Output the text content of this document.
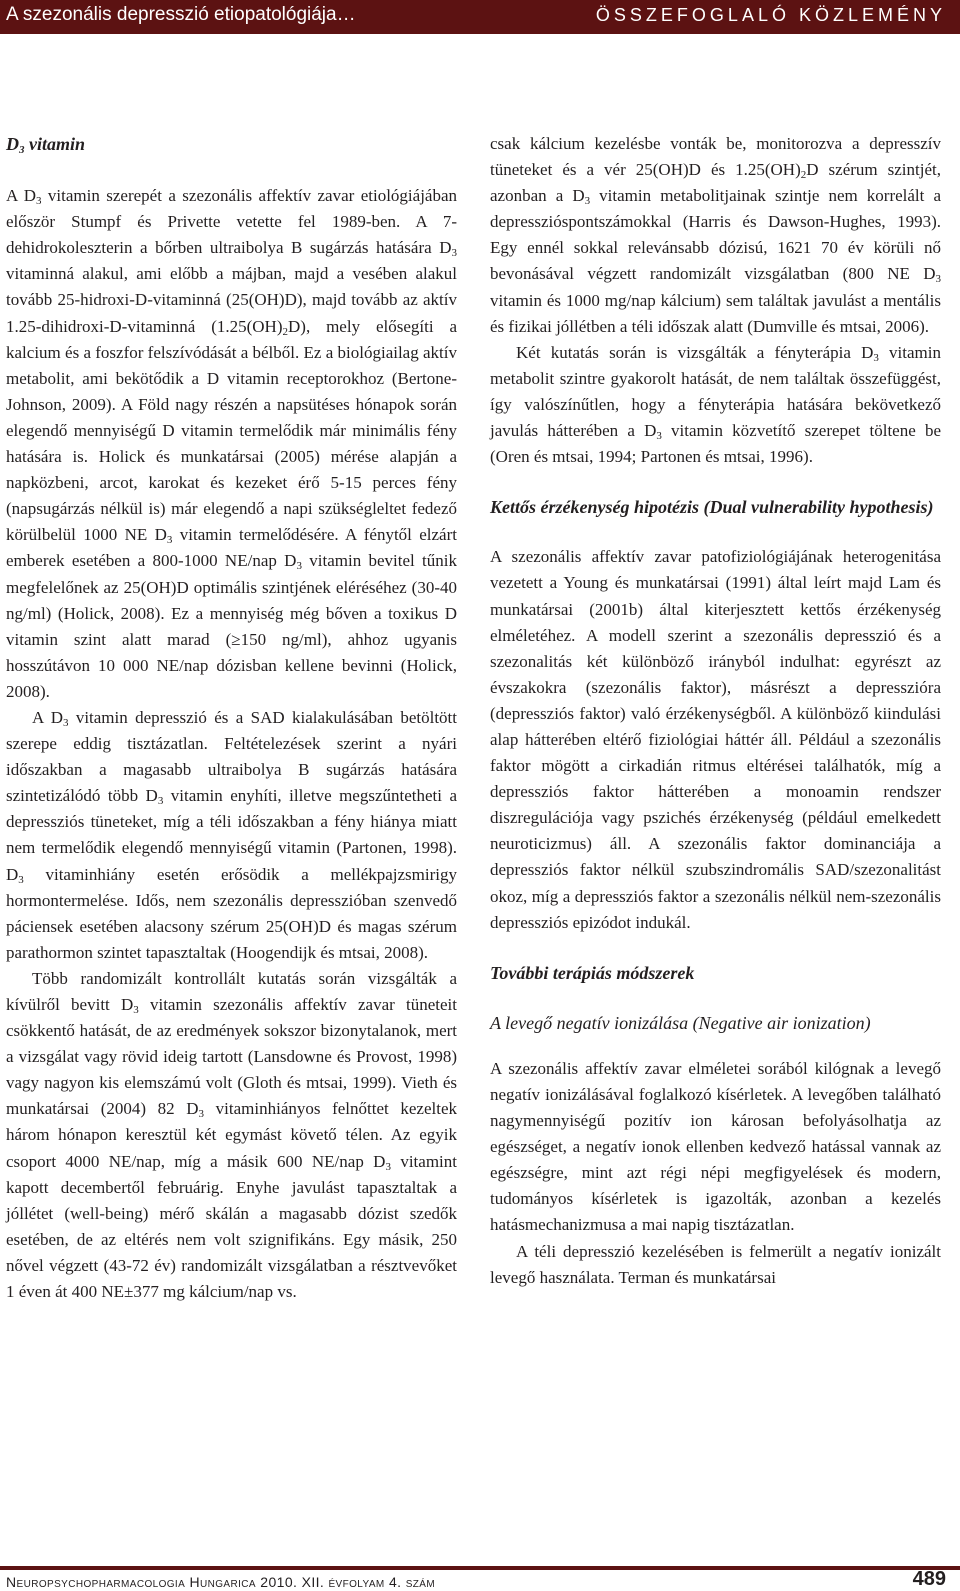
A szezonális depresszió etiopatológiája…	ÖSSZEFOGLALÓ KÖZLEMÉNY
$D_3$ vitamin

A $D_3$ vitamin szerepét a szezonális affektív zavar etiológiájában először Stumpf és Privette vetette fel 1989-ben. A 7-dehidrokoleszterin a bőrben ultraibolya B sugárzás hatására $D_3$ vitaminná alakul, ami előbb a májban, majd a vesében alakul tovább 25-hidroxi-D-vitaminná (25(OH)D), majd tovább az aktív 1.25-dihidroxi-D-vitaminná $(1.25(OH)_2D)$, mely elősegíti a kalcium és a foszfor felszívódását a bélből. Ez a biológiailag aktív metabolit, ami bekötődik a D vitamin receptorokhoz (Bertone-Johnson, 2009). A Föld nagy részén a napsütéses hónapok során elegendő mennyiségű D vitamin termelődik már minimális fény hatására is. Holick és munkatársai (2005) mérése alapján a napközbeni, arcot, karokat és kezeket érő 5-15 perces fény (napsugárzás nélkül is) már elegendő a napi szükségleltet fedező körülbelül 1000 NE $D_3$ vitamin termelődésére. A fénytől elzárt emberek esetében a 800-1000 NE/nap $D_3$ vitamin bevitel tűnik megfelelőnek az 25(OH)D optimális szintjének eléréséhez (30-40 ng/ml) (Holick, 2008). Ez a mennyiség még bőven a toxikus D vitamin szint alatt marad (≥150 ng/ml), ahhoz ugyanis hosszútávon 10 000 NE/nap dózisban kellene bevinni (Holick, 2008).

A $D_3$ vitamin depresszió és a SAD kialakulásában betöltött szerepe eddig tisztázatlan. Feltételezések szerint a nyári időszakban a magasabb ultraibolya B sugárzás hatására szintetizálódó több $D_3$ vitamin enyhíti, illetve megszűntetheti a depressziós tüneteket, míg a téli időszakban a fény hiánya miatt nem termelődik elegendő mennyiségű vitamin (Partonen, 1998). $D_3$ vitaminhiány esetén erősödik a mellékpajzsmirigy hormontermelése. Idős, nem szezonális depresszióban szenvedő páciensek esetében alacsony szérum 25(OH)D és magas szérum parathormon szintet tapasztaltak (Hoogendijk és mtsai, 2008).

Több randomizált kontrollált kutatás során vizsgálták a kívülről bevitt $D_3$ vitamin szezonális affektív zavar tüneteit csökkentő hatását, de az eredmények sokszor bizonytalanok, mert a vizsgálat vagy rövid ideig tartott (Lansdowne és Provost, 1998) vagy nagyon kis elemszámú volt (Gloth és mtsai, 1999). Vieth és munkatársai (2004) 82 $D_3$ vitaminhiányos felnőttet kezeltek három hónapon keresztül két egymást követő télen. Az egyik csoport 4000 NE/nap, míg a másik 600 NE/nap $D_3$ vitamint kapott decembertől februárig. Enyhe javulást tapasztaltak a jóllétet (well-being) mérő skálán a magasabb dózist szedők esetében, de az eltérés nem volt szignifikáns. Egy másik, 250 nővel végzett (43-72 év) randomizált vizsgálatban a résztvevőket 1 éven át 400 NE±377 mg kálcium/nap vs.

csak kálcium kezelésbe vonták be, monitorozva a depresszív tüneteket és a vér 25(OH)D és $1.25(OH)_2D$ szérum szintjét, azonban a $D_3$ vitamin metabolitjainak szintje nem korrelált a depresszióspontszámokkal (Harris és Dawson-Hughes, 1993). Egy ennél sokkal relevánsabb dózisú, 1621 70 év körüli nő bevonásával végzett randomizált vizsgálatban (800 NE $D_3$ vitamin és 1000 mg/nap kálcium) sem találtak javulást a mentális és fizikai jóllétben a téli időszak alatt (Dumville és mtsai, 2006).

Két kutatás során is vizsgálták a fényterápia $D_3$ vitamin metabolit szintre gyakorolt hatását, de nem találtak összefüggést, így valószínűtlen, hogy a fényterápia hatására bekövetkező javulás hátterében a $D_3$ vitamin közvetítő szerepet töltene be (Oren és mtsai, 1994; Partonen és mtsai, 1996).

Kettős érzékenység hipotézis (Dual vulnerability hypothesis)

A szezonális affektív zavar patofiziológiájának heterogenitása vezetett a Young és munkatársai (1991) által leírt majd Lam és munkatársai (2001b) által kiterjesztett kettős érzékenység elméletéhez. A modell szerint a szezonális depresszió és a szezonalitás két különböző irányból indulhat: egyrészt az évszakokra (szezonális faktor), másrészt a depresszióra (depressziós faktor) való érzékenységből. A különböző kiindulási alap hátterében eltérő fiziológiai háttér áll. Például a szezonális faktor mögött a cirkadián ritmus eltérései találhatók, míg a depressziós faktor hátterében a monoamin rendszer diszregulációja vagy pszichés érzékenység (például emelkedett neuroticizmus) áll. A szezonális faktor dominanciája a depressziós faktor nélkül szubszindromális SAD/szezonalitást okoz, míg a depressziós faktor a szezonális nélkül nem-szezonális depressziós epizódot indukál.

További terápiás módszerek
A levegő negatív ionizálása (Negative air ionization)

A szezonális affektív zavar elméletei sorából kilógnak a levegő negatív ionizálásával foglalkozó kísérletek. A levegőben található nagymennyiségű pozitív ion károsan befolyásolhatja az egészséget, a negatív ionok ellenben kedvező hatással vannak az egészségre, mint azt régi népi megfigyelések és modern, tudományos kísérletek is igazolták, azonban a kezelés hatásmechanizmusa a mai napig tisztázatlan.

A téli depresszió kezelésében is felmerült a negatív ionizált levegő használata. Terman és munkatársai

Neuropsychopharmacologia Hungarica 2010. XII. évfolyam 4. szám	489
